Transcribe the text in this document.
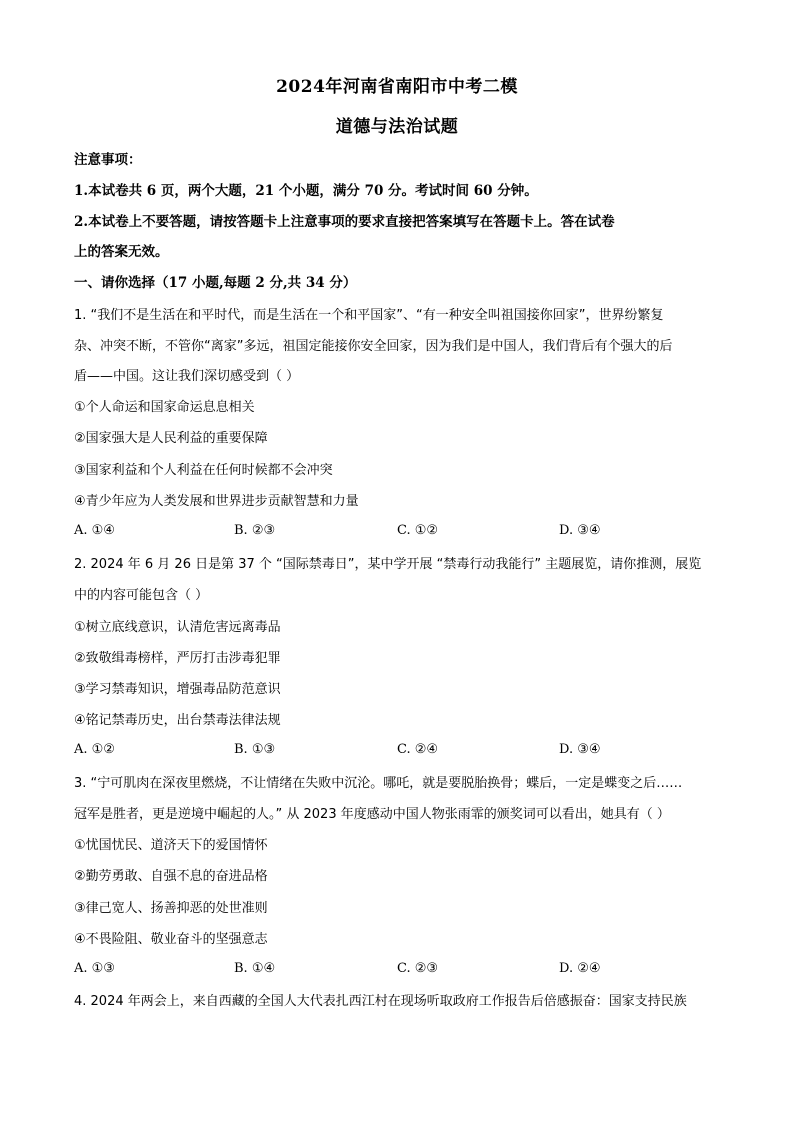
2024年河南省南阳市中考二模
道德与法治试题
注意事项：
1.本试卷共 6 页，两个大题，21 个小题，满分 70 分。考试时间 60 分钟。
2.本试卷上不要答题，请按答题卡上注意事项的要求直接把答案填写在答题卡上。答在试卷
上的答案无效。
一、请你选择（17 小题,每题 2 分,共 34 分）
1. “我们不是生活在和平时代，而是生活在一个和平国家”、“有一种安全叫祖国接你回家”，世界纷繁复
杂、冲突不断，不管你“离家”多远，祖国定能接你安全回家，因为我们是中国人，我们背后有个强大的后
盾——中国。这让我们深切感受到（ ）
①个人命运和国家命运息息相关
②国家强大是人民利益的重要保障
③国家利益和个人利益在任何时候都不会冲突
④青少年应为人类发展和世界进步贡献智慧和力量
A. ①④	B. ②③	C. ①②	D. ③④
2. 2024 年 6 月 26 日是第 37 个 “国际禁毒日”，某中学开展 “禁毒行动我能行” 主题展览，请你推测，展览
中的内容可能包含（ ）
①树立底线意识，认清危害远离毒品
②致敬缉毒榜样，严厉打击涉毒犯罪
③学习禁毒知识，增强毒品防范意识
④铭记禁毒历史，出台禁毒法律法规
A. ①②	B. ①③	C. ②④	D. ③④
3. “宁可肌肉在深夜里燃烧，不让情绪在失败中沉沦。哪吒，就是要脱胎换骨；蝶后，一定是蝶变之后……
冠军是胜者，更是逆境中崛起的人。” 从 2023 年度感动中国人物张雨霏的颁奖词可以看出，她具有（ ）
①忧国忧民、道济天下的爱国情怀
②勤劳勇敢、自强不息的奋进品格
③律己宽人、扬善抑恶的处世准则
④不畏险阻、敬业奋斗的坚强意志
A. ①③	B. ①④	C. ②③	D. ②④
4. 2024 年两会上，来自西藏的全国人大代表扎西江村在现场听取政府工作报告后倍感振奋：国家支持民族
